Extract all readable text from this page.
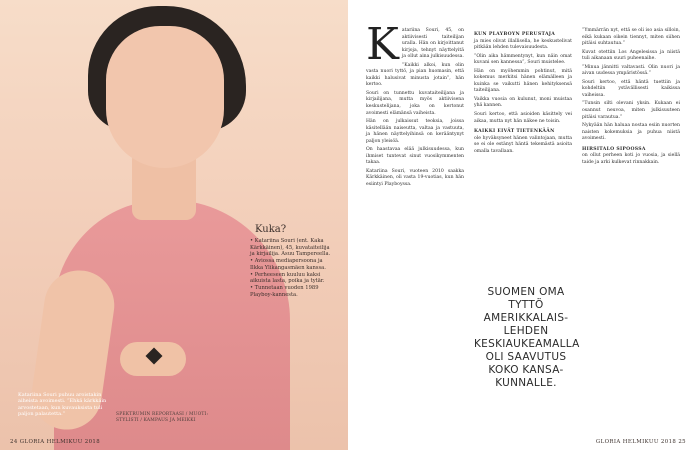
Kuka?
• Katariina Souri (ent. Kaka Kärkkäinen), 45, kuvataiteilija ja kirjailija. Asuu Tampereella.
• Aviossa mediapersoona ja Ilkka Ylikangasmäen kanssa.
• Perheeseen kuuluu kaksi aikuista lasta, poika ja tytär.
• Tunnetaan vuoden 1989 Playboy-kannesta.
Katariina Souri puhuu aroistakin aiheista avoimesti. ”Ehkä kärkkäin arvostetaan, kun kuvauksista tuli paljon palautetta.”	SPEKTRUMIN REPORTAASI / MUOTI: STYLISTI / KAMPAUS JA MEIKKI
24 GLORIA HELMIKUU 2018
K atariina Souri, 45, on aktiivisesti taiteilijan uralla. Hän on kirjoittanut kirjoja, tehnyt näyttelyitä ja ollut aina julkisuudessa.

”Kaikki alkoi, kun olin vasta nuori tyttö, ja pian huomasin, että kaikki halusivat minusta jotain”, hän kertoo.

Souri on tunnettu kuvataiteilijana ja kirjailijana, mutta myös aktiivisena keskustelijana, joka on kertonut avoimesti elämänsä vaiheista.

Hän on julkaissut teoksia, joissa käsitellään naiseutta, valtaa ja vastuuta, ja hänen näyttelyihinsä on kerääntynyt paljon yleisöä.

On haastavaa elää julkisuudessa, kun ihmiset tuntevat sinut vuosikymmenten takaa.

Katariina Souri, vuoteen 2010 saakka Kärkkäinen, oli vasta 19-vuotias, kun hän esiintyi Playboyssa.

KUN PLAYBOYN PERUSTAJA

ja mies olivat illallisella, he keskustelivat pitkään lehden tulevaisuudesta.

”Olin aika hämmentynyt, kun näin omat kuvani sen kannessa”, Souri muistelee.

Hän on myöhemmin pohtinut, mitä kokemus merkitsi hänen elämälleen ja kuinka se vaikutti hänen kehityksensä taiteilijana.

Vaikka vuosia on kulunut, moni muistaa yhä kannen.

Souri kertoo, että asioiden käsittely vei aikaa, mutta nyt hän näkee ne toisin.

KAIKKI EIVÄT TIETENKÄÄN

ole hyväksyneet hänen valintojaan, mutta se ei ole estänyt häntä tekemästä asioita omalla tavallaan.

SUOMEN OMA TYTTÖ AMERIKKALAIS-LEHDEN KESKIAUKEAMALLA OLI SAAVUTUS KOKO KANSA-KUNNALLE.

”Ymmärrän nyt, että se oli iso asia silloin, eikä kukaan oikein tiennyt, miten siihen pitäisi suhtautua.”

Kuvat otettiin Los Angelesissa ja niistä tuli aikanaan suuri puheenaihe.

”Minua jännitti valtavasti. Olin nuori ja aivan uudessa ympäristössä.”

Souri kertoo, että häntä tuettiin ja kohdeltiin ystävällisesti kaikissa vaiheissa.

”Tunsin silti olevani yksin. Kukaan ei osannut neuvoa, miten julkisuuteen pitäisi varautua.”

Nykyään hän haluaa nostaa esiin nuorten naisten kokemuksia ja puhua niistä avoimesti.

HIRSITALO SIPOOSSA

on ollut perheen koti jo vuosia, ja siellä taide ja arki kulkevat rinnakkain.

GLORIA HELMIKUU 2018 25
